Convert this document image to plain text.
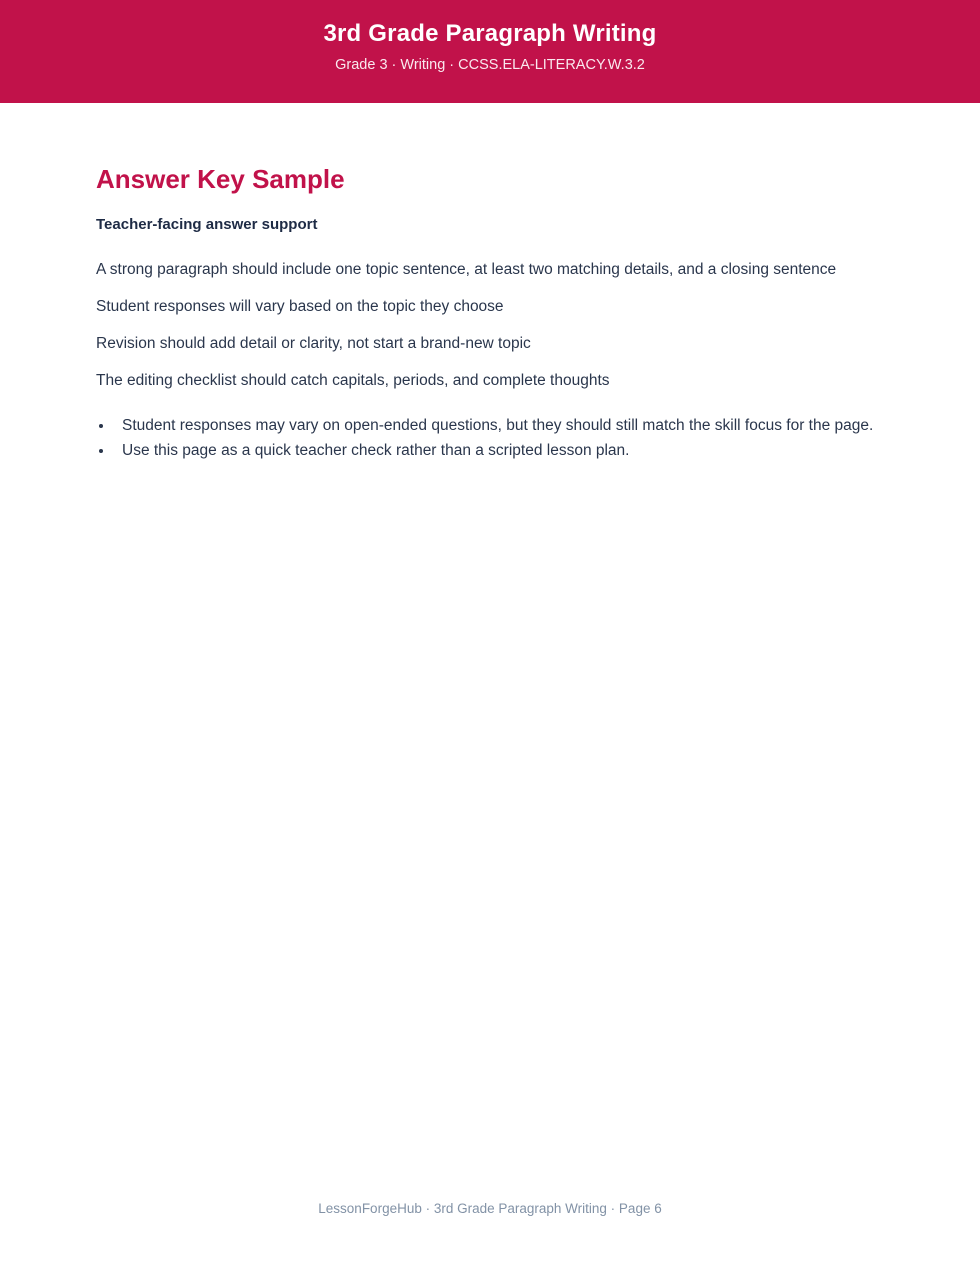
3rd Grade Paragraph Writing

Grade 3 · Writing · CCSS.ELA-LITERACY.W.3.2

Answer Key Sample
Teacher-facing answer support

A strong paragraph should include one topic sentence, at least two matching details, and a closing sentence

Student responses will vary based on the topic they choose

Revision should add detail or clarity, not start a brand-new topic

The editing checklist should catch capitals, periods, and complete thoughts

Student responses may vary on open-ended questions, but they should still match the skill focus for the page.
Use this page as a quick teacher check rather than a scripted lesson plan.
LessonForgeHub · 3rd Grade Paragraph Writing · Page 6
